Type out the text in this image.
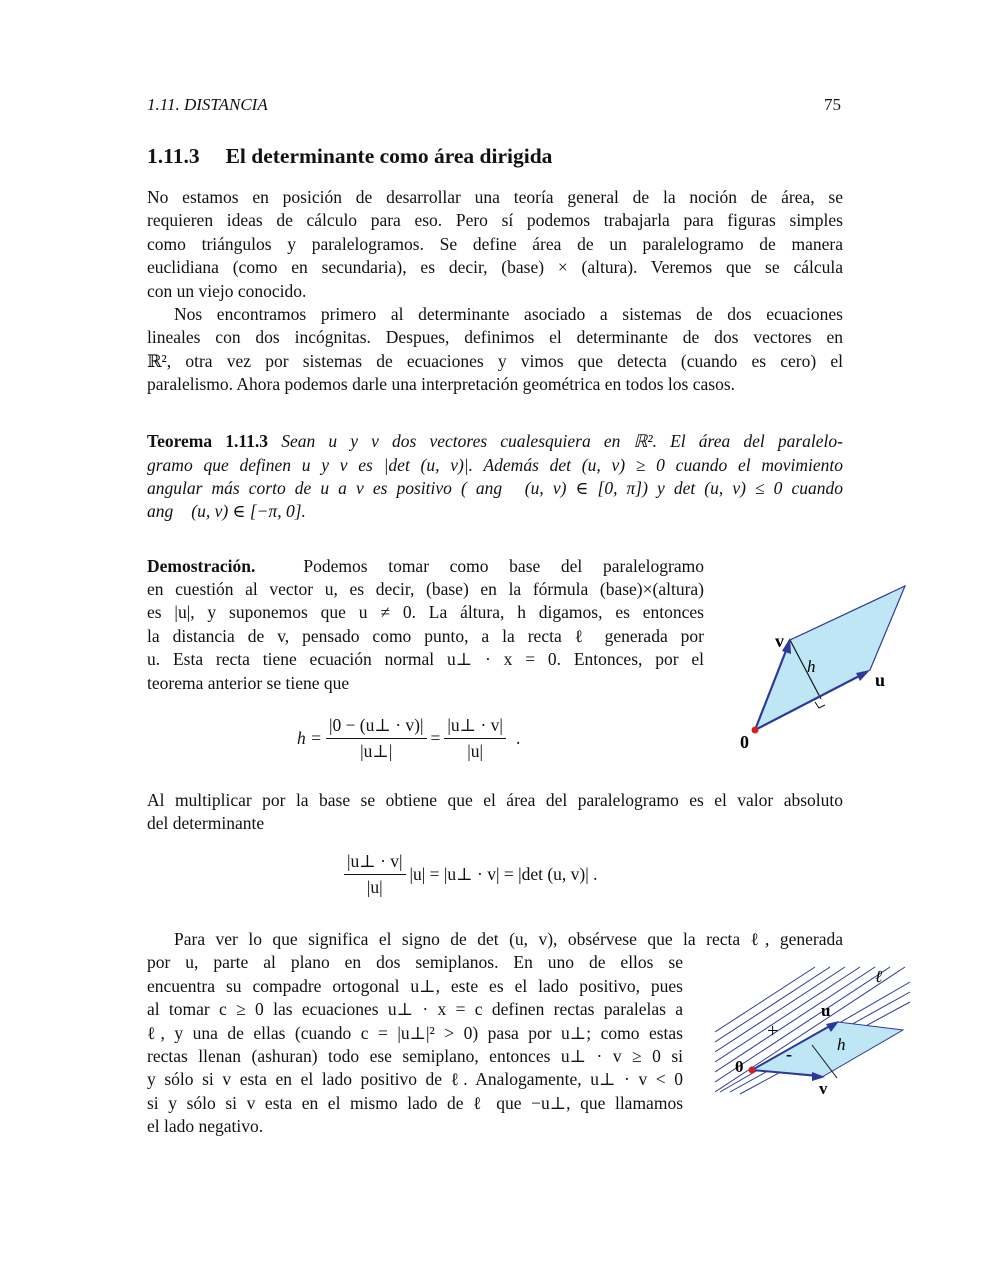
1.11. DISTANCIA	75
1.11.3 El determinante como área dirigida
No estamos en posición de desarrollar una teoría general de la noción de área, se
requieren ideas de cálculo para eso. Pero sí podemos trabajarla para figuras simples
como triángulos y paralelogramos. Se define área de un paralelogramo de manera
euclidiana (como en secundaria), es decir, (base) × (altura). Veremos que se cálcula
con un viejo conocido.
Nos encontramos primero al determinante asociado a sistemas de dos ecuaciones
lineales con dos incógnitas. Despues, definimos el determinante de dos vectores en
ℝ², otra vez por sistemas de ecuaciones y vimos que detecta (cuando es cero) el
paralelismo. Ahora podemos darle una interpretación geométrica en todos los casos.
Teorema 1.11.3 Sean u y v dos vectores cualesquiera en ℝ². El área del paralelo-
gramo que definen u y v es |det (u, v)|. Además det (u, v) ≥ 0 cuando el movimiento
angular más corto de u a v es positivo ( ang⃗ (u, v) ∈ [0, π]) y det (u, v) ≤ 0 cuando
ang⃗ (u, v) ∈ [−π, 0].
Demostración.	Podemos tomar como base del paralelogramo
en cuestión al vector u, es decir, (base) en la fórmula (base)×(altura)
es |u|, y suponemos que u ≠ 0. La áltura, h digamos, es entonces
la distancia de v, pensado como punto, a la recta ℓ generada por
u. Esta recta tiene ecuación normal u⊥ · x = 0. Entonces, por el
teorema anterior se tiene que
$h = \frac{|0 - (u\perp \cdot v)|}{|u\perp|} = \frac{|u\perp \cdot v|}{|u|}$ .
Al multiplicar por la base se obtiene que el área del paralelogramo es el valor absoluto
del determinante
$\frac{|u\perp \cdot v|}{|u|} |u|$ = |u⊥ · v| = |det (u, v)| .
Para ver lo que significa el signo de det (u, v), obsérvese que la recta ℓ, generada
por u, parte al plano en dos semiplanos. En uno de ellos se
encuentra su compadre ortogonal u⊥, este es el lado positivo, pues
al tomar c ≥ 0 las ecuaciones u⊥ · x = c definen rectas paralelas a
ℓ, y una de ellas (cuando c = |u⊥|² > 0) pasa por u⊥; como estas
rectas llenan (ashuran) todo ese semiplano, entonces u⊥ · v ≥ 0 si
y sólo si v esta en el lado positivo de ℓ. Analogamente, u⊥ · v < 0
si y sólo si v esta en el mismo lado de ℓ que −u⊥, que llamamos
el lado negativo.
v
u
h
0
ℓ
u
v
h
0
+
-
